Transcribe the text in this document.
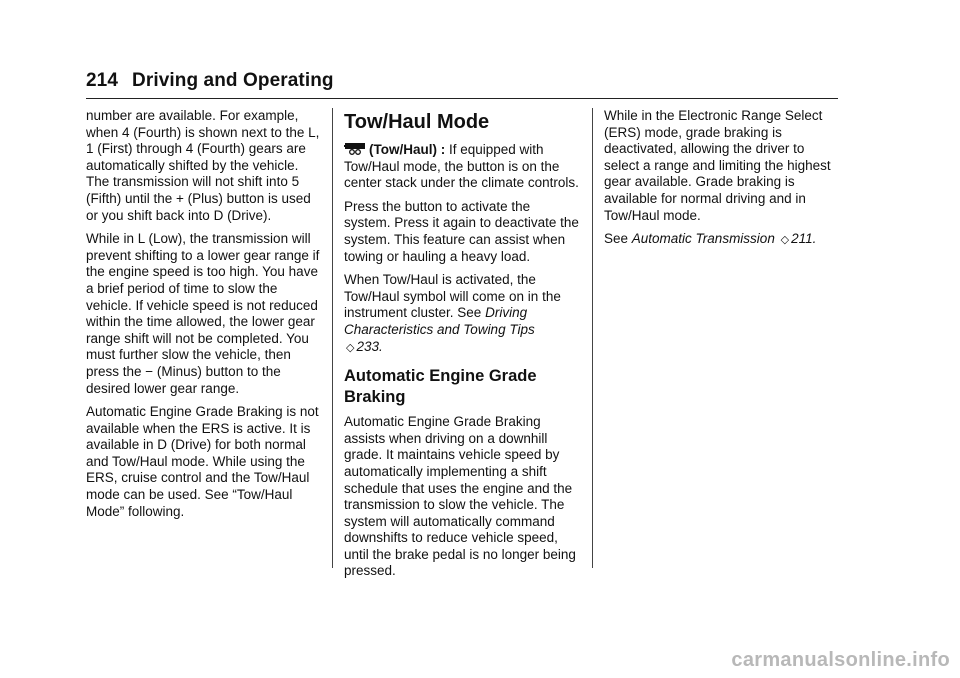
214 Driving and Operating

number are available. For example, when 4 (Fourth) is shown next to the L, 1 (First) through 4 (Fourth) gears are automatically shifted by the vehicle. The transmission will not shift into 5 (Fifth) until the + (Plus) button is used or you shift back into D (Drive).

While in L (Low), the transmission will prevent shifting to a lower gear range if the engine speed is too high. You have a brief period of time to slow the vehicle. If vehicle speed is not reduced within the time allowed, the lower gear range shift will not be completed. You must further slow the vehicle, then press the − (Minus) button to the desired lower gear range.

Automatic Engine Grade Braking is not available when the ERS is active. It is available in D (Drive) for both normal and Tow/Haul mode. While using the ERS, cruise control and the Tow/Haul mode can be used. See “Tow/Haul Mode” following.

Tow/Haul Mode

(Tow/Haul) : If equipped with Tow/Haul mode, the button is on the center stack under the climate controls.

Press the button to activate the system. Press it again to deactivate the system. This feature can assist when towing or hauling a heavy load.

When Tow/Haul is activated, the Tow/Haul symbol will come on in the instrument cluster. See Driving Characteristics and Towing Tips
◇ 233.

Automatic Engine Grade Braking

Automatic Engine Grade Braking assists when driving on a downhill grade. It maintains vehicle speed by automatically implementing a shift schedule that uses the engine and the transmission to slow the vehicle. The system will automatically command downshifts to reduce vehicle speed, until the brake pedal is no longer being pressed.

While in the Electronic Range Select (ERS) mode, grade braking is deactivated, allowing the driver to select a range and limiting the highest gear available. Grade braking is available for normal driving and in Tow/Haul mode.

See Automatic Transmission ◇ 211.

carmanualsonline.info
